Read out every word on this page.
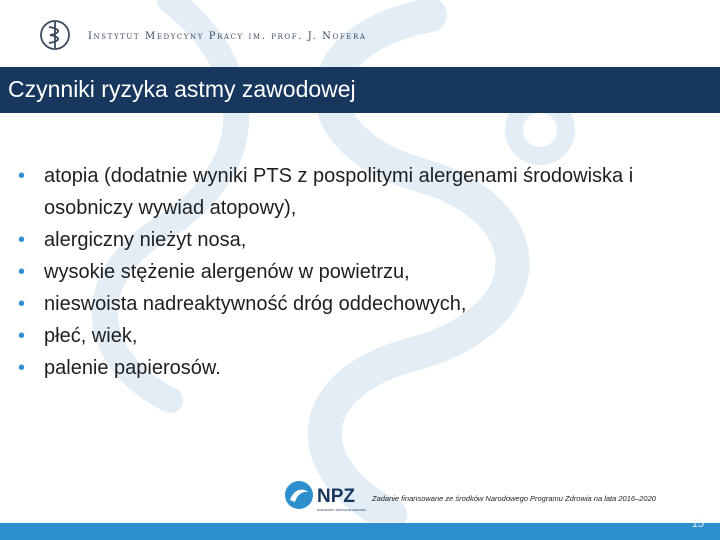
Instytut Medycyny Pracy im. prof. J. Nofera
Czynniki ryzyka astmy zawodowej
• atopia (dodatnie wyniki PTS z pospolitymi alergenami środowiska i osobniczy wywiad atopowy),
• alergiczny nieżyt nosa,
• wysokie stężenie alergenów w powietrzu,
• nieswoista nadreaktywność dróg oddechowych,
• płeć, wiek,
• palenie papierosów.
NPZ
NARODOWY PROGRAM ZDROWIA
Zadanie finansowane ze środków Narodowego Programu Zdrowia na lata 2016–2020
15
